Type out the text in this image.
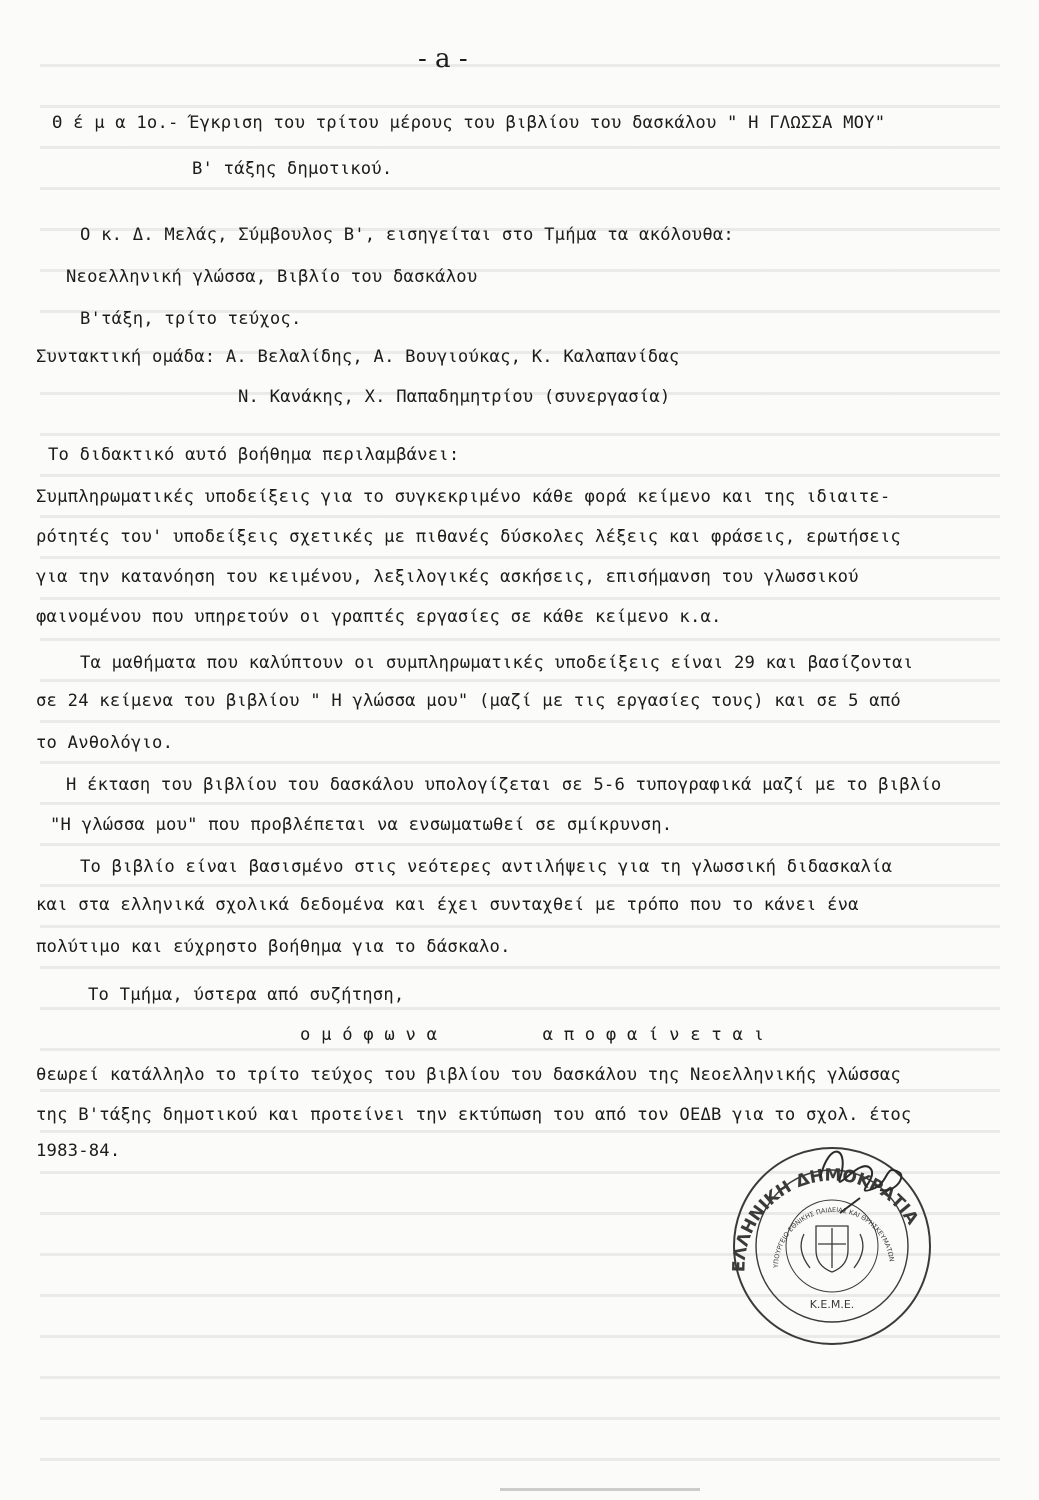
- a -
Θ έ μ α 1ο.- Έγκριση του τρίτου μέρους του βιβλίου του δασκάλου " Η ΓΛΩΣΣΑ ΜΟΥ"
Β' τάξης δημοτικού.
Ο κ. Δ. Μελάς, Σύμβουλος Β', εισηγείται στο Τμήμα τα ακόλουθα:
Νεοελληνική γλώσσα, Βιβλίο του δασκάλου
Β'τάξη, τρίτο τεύχος.
Συντακτική ομάδα: Α. Βελαλίδης, Α. Βουγιούκας, Κ. Καλαπανίδας
Ν. Κανάκης, Χ. Παπαδημητρίου (συνεργασία)
Το διδακτικό αυτό βοήθημα περιλαμβάνει:
Συμπληρωματικές υποδείξεις για το συγκεκριμένο κάθε φορά κείμενο και της ιδιαιτε-
ρότητές του' υποδείξεις σχετικές με πιθανές δύσκολες λέξεις και φράσεις, ερωτήσεις
για την κατανόηση του κειμένου, λεξιλογικές ασκήσεις, επισήμανση του γλωσσικού
φαινομένου που υπηρετούν οι γραπτές εργασίες σε κάθε κείμενο κ.α.
Τα μαθήματα που καλύπτουν οι συμπληρωματικές υποδείξεις είναι 29 και βασίζονται
σε 24 κείμενα του βιβλίου " Η γλώσσα μου" (μαζί με τις εργασίες τους) και σε 5 από
το Ανθολόγιο.
Η έκταση του βιβλίου του δασκάλου υπολογίζεται σε 5-6 τυπογραφικά μαζί με το βιβλίο
"Η γλώσσα μου" που προβλέπεται να ενσωματωθεί σε σμίκρυνση.
Το βιβλίο είναι βασισμένο στις νεότερες αντιλήψεις για τη γλωσσική διδασκαλία
και στα ελληνικά σχολικά δεδομένα και έχει συνταχθεί με τρόπο που το κάνει ένα
πολύτιμο και εύχρηστο βοήθημα για το δάσκαλο.
Το Τμήμα, ύστερα από συζήτηση,
ο μ ό φ ω ν α          α π ο φ α ί ν ε τ α ι
θεωρεί κατάλληλο το τρίτο τεύχος του βιβλίου του δασκάλου της Νεοελληνικής γλώσσας
της Β'τάξης δημοτικού και προτείνει την εκτύπωση του από τον ΟΕΔΒ για το σχολ. έτος
1983-84.
ΕΛΛΗΝΙΚΗ ΔΗΜΟΚΡΑΤΙΑ
ΥΠΟΥΡΓΕΙΟ ΕΘΝΙΚΗΣ ΠΑΙΔΕΙΑΣ ΚΑΙ ΘΡΗΣΚΕΥΜΑΤΩΝ
Κ.Ε.Μ.Ε.
